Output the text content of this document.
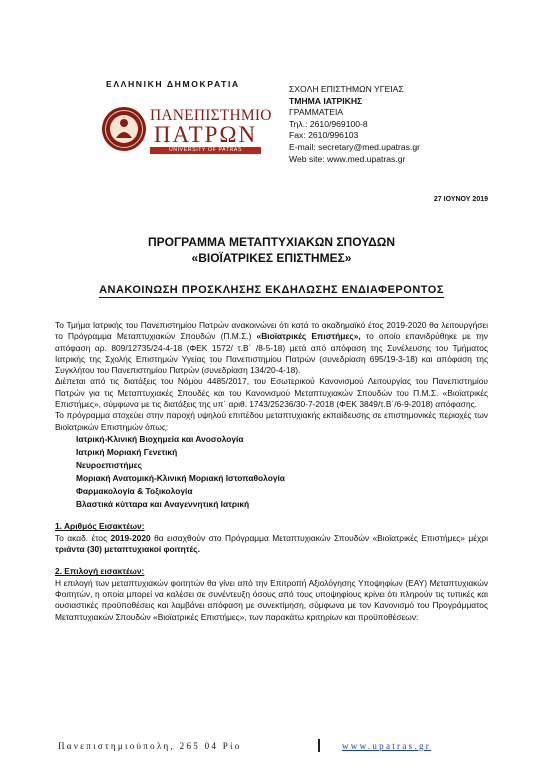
ΕΛΛΗΝΙΚΗ ΔΗΜΟΚΡΑΤΙΑ
ΠΑΝΕΠΙΣΤΗΜΙΟ
ΠΑΤΡΩΝ
UNIVERSITY OF PATRAS
ΣΧΟΛΗ ΕΠΙΣΤΗΜΩΝ ΥΓΕΙΑΣ
ΤΜΗΜΑ ΙΑΤΡΙΚΗΣ
ΓΡΑΜΜΑΤΕΙΑ
Τηλ.: 2610/969100-8
Fax: 2610/996103
E-mail: secretary@med.upatras.gr
Web site: www.med.upatras.gr
27 ΙΟΥΝΟΥ 2019
ΠΡΟΓΡΑΜΜΑ ΜΕΤΑΠΤΥΧΙΑΚΩΝ ΣΠΟΥΔΩΝ
«ΒΙΟΪΑΤΡΙΚΕΣ ΕΠΙΣΤΗΜΕΣ»
ΑΝΑΚΟΙΝΩΣΗ ΠΡΟΣΚΛΗΣΗΣ ΕΚΔΗΛΩΣΗΣ ΕΝΔΙΑΦΕΡΟΝΤΟΣ

Το Τμήμα Ιατρικής του Πανεπιστημίου Πατρών ανακοινώνει ότι κατά το ακαδημαϊκό έτος 2019-2020 θα λειτουργήσει το Πρόγραμμα Μεταπτυχιακών Σπουδών (Π.Μ.Σ.) «Βιοϊατρικές Επιστήμες», το οποίο επανιδρύθηκε με την απόφαση αρ. 809/12735/24-4-18 (ΦΕΚ 1572/ τ.Β΄ /8-5-18) μετά από απόφαση της Συνέλευσης του Τμήματος Ιατρικής της Σχολής Επιστημών Υγείας του Πανεπιστημίου Πατρών (συνεδρίαση 695/19-3-18) και απόφαση της Συγκλήτου του Πανεπιστημίου Πατρών (συνεδρίαση 134/20-4-18).

Διέπεται από τις διατάξεις του Νόμου 4485/2017, του Εσωτερικού Κανονισμού Λειτουργίας του Πανεπιστημίου Πατρών για τις Μεταπτυχιακές Σπουδές και του Κανονισμού Μεταπτυχιακών Σπουδών του Π.Μ.Σ. «Βιοϊατρικές Επιστήμες», σύμφωνα με τις διατάξεις της υπ΄ αριθ. 1743/25236/30-7-2018 (ΦΕΚ 3849/τ.Β΄/6-9-2018) απόφασης.

Το πρόγραμμα στοχεύει στην παροχή υψηλού επιπέδου μεταπτυχιακής εκπαίδευσης σε επιστημονικές περιοχές των Βιοϊατρικών Επιστημών όπως:

Ιατρική-Κλινική Βιοχημεία και Ανοσολογία
Ιατρική Μοριακή Γενετική
Νευροεπιστήμες
Μοριακή Ανατομική-Κλινική Μοριακή Ιστοπαθολογία
Φαρμακολογία & Τοξικολογία
Βλαστικά κύτταρα και Αναγεννητική Ιατρική
1. Αριθμός Εισακτέων:

Το ακαδ. έτος 2019-2020 θα εισαχθούν στο Πρόγραμμα Μεταπτυχιακών Σπουδών «Βιοϊατρικές Επιστήμες» μέχρι τριάντα (30) μεταπτυχιακοί φοιτητές.

2. Επιλογή εισακτέων:

Η επιλογή των μεταπτυχιακών φοιτητών θα γίνει από την Επιτροπή Αξιολόγησης Υποψηφίων (ΕΑΥ) Μεταπτυχιακών Φοιτητών, η οποία μπορεί να καλέσει σε συνέντευξη όσους από τους υποψηφίους κρίνει ότι πληρούν τις τυπικές και ουσιαστικές προϋποθέσεις και λαμβάνει απόφαση με συνεκτίμηση, σύμφωνα με τον Κανονισμό του Προγράμματος Μεταπτυχιακών Σπουδών «Βιοϊατρικές Επιστήμες», των παρακάτω κριτηρίων και προϋποθέσεων:

Πανεπιστημιούπολη, 265 04 Ρίο	www.upatras.gr
